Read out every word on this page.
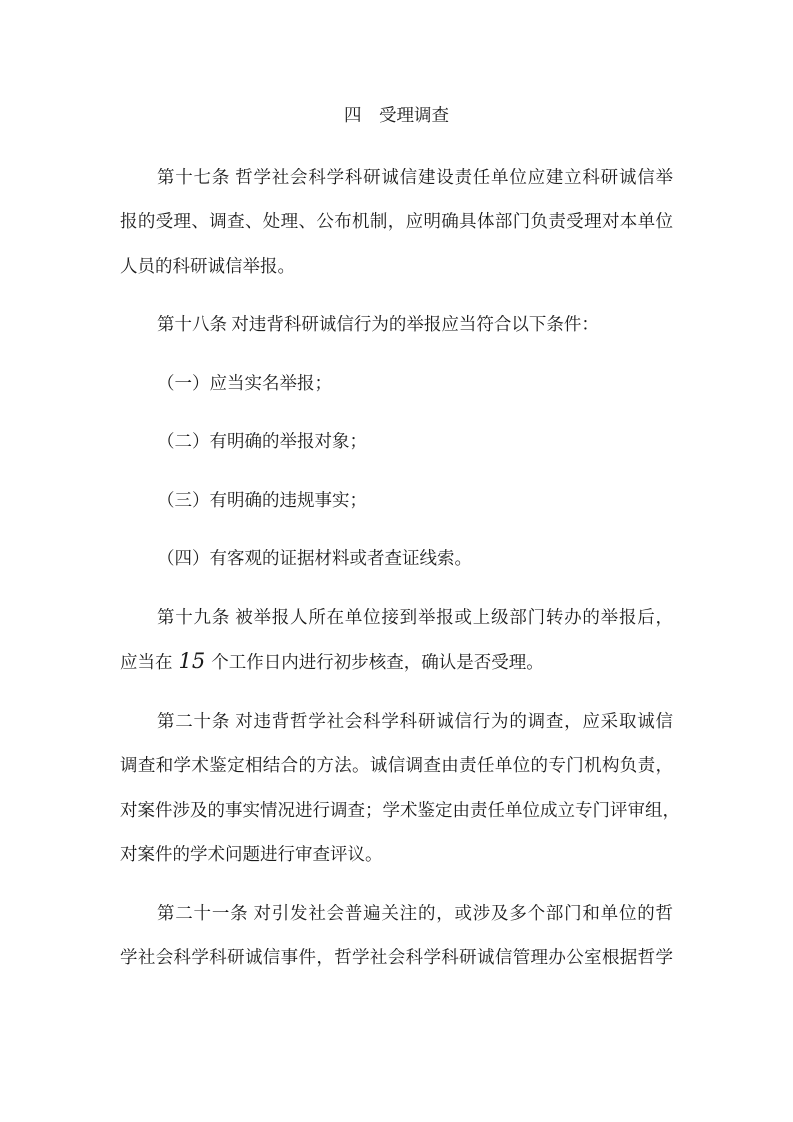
四　受理调查
第十七条 哲学社会科学科研诚信建设责任单位应建立科研诚信举
报的受理、调查、处理、公布机制，应明确具体部门负责受理对本单位
人员的科研诚信举报。
第十八条 对违背科研诚信行为的举报应当符合以下条件：
（一）应当实名举报；
（二）有明确的举报对象；
（三）有明确的违规事实；
（四）有客观的证据材料或者查证线索。
第十九条 被举报人所在单位接到举报或上级部门转办的举报后，
应当在 15 个工作日内进行初步核查，确认是否受理。
第二十条 对违背哲学社会科学科研诚信行为的调查，应采取诚信
调查和学术鉴定相结合的方法。诚信调查由责任单位的专门机构负责，
对案件涉及的事实情况进行调查；学术鉴定由责任单位成立专门评审组，
对案件的学术问题进行审查评议。
第二十一条 对引发社会普遍关注的，或涉及多个部门和单位的哲
学社会科学科研诚信事件，哲学社会科学科研诚信管理办公室根据哲学
